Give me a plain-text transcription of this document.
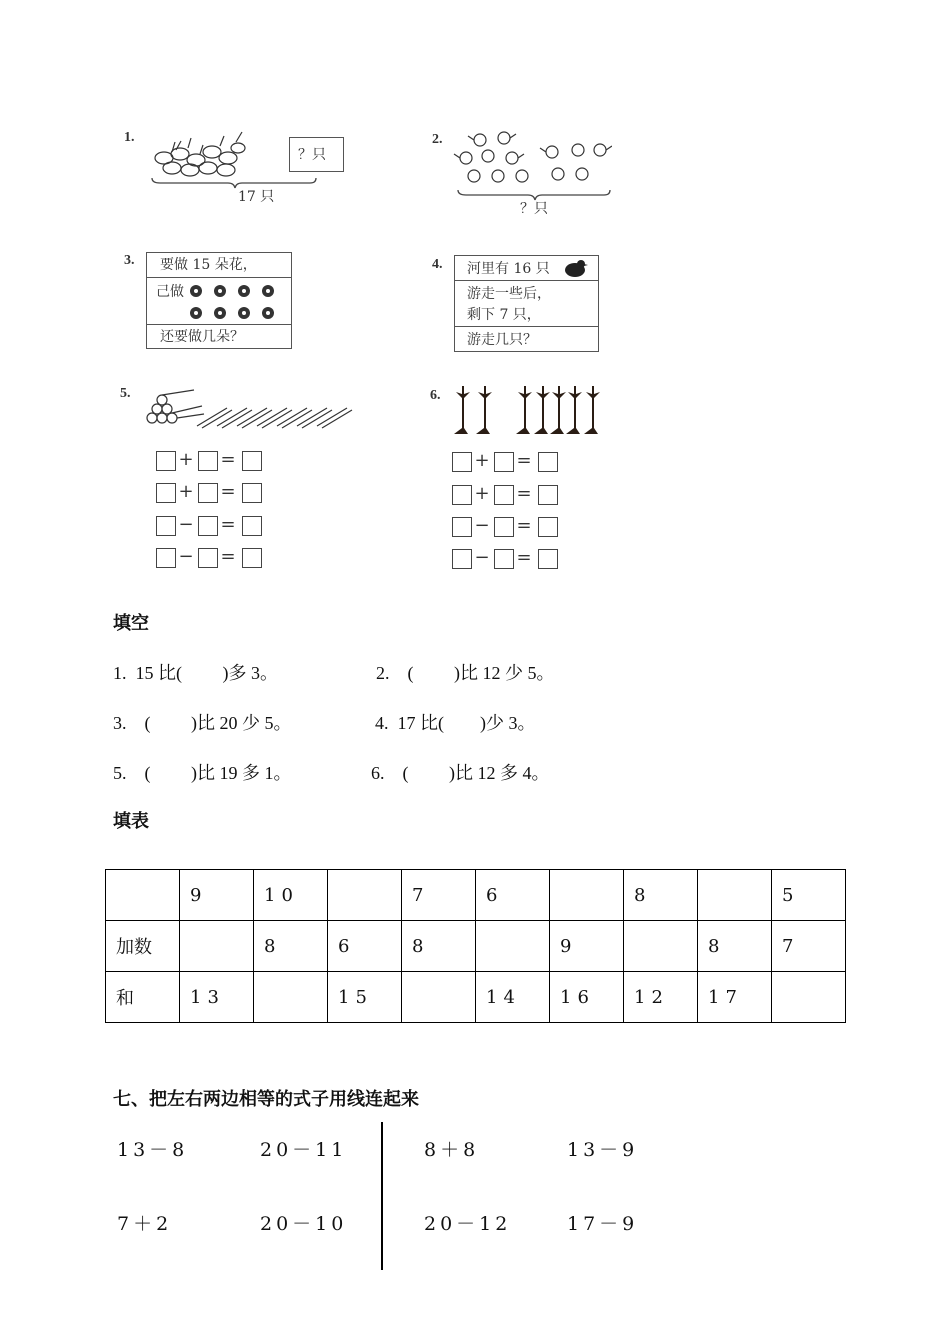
1.
？只
17 只
2.
？只
3. 要做 15 朵花，
己做
还要做几朵？
4. 河里有 16 只
游走一些后，
剩下 7 只，
游走几只？
5.
+ =
+ =
− =
− =
6.
+ =
+ =
− =
− =
填空
1.  15 比(         )多 3。	2.    (         )比 12 少 5。
3.    (         )比 20 少 5。	4.  17 比(        )少 3。
5.    (         )比 19 多 1。	6.    (         )比 12 多 4。
填表
	9	10		7	6		8		5
加数		8	6	8		9		8	7
和	13		15		14	16	12	17	
七、把左右两边相等的式子用线连起来
13－8	20－11	8＋8	13－9
7＋2	20－10	20－12	17－9
